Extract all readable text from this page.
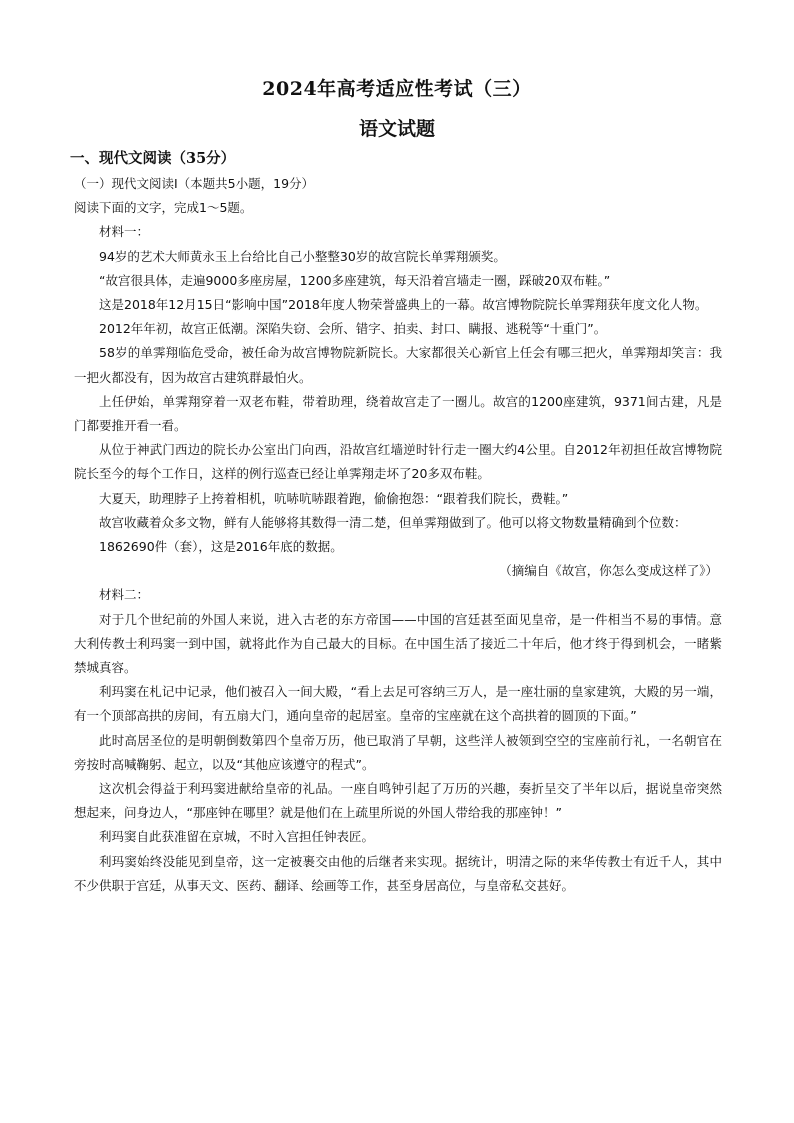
2024年高考适应性考试（三）
语文试题
一、现代文阅读（35分）

（一）现代文阅读Ⅰ（本题共5小题，19分）

阅读下面的文字，完成1～5题。

材料一：

94岁的艺术大师黄永玉上台给比自己小整整30岁的故宫院长单霁翔颁奖。

“故宫很具体，走遍9000多座房屋，1200多座建筑，每天沿着宫墙走一圈，踩破20双布鞋。”

这是2018年12月15日“影响中国”2018年度人物荣誉盛典上的一幕。故宫博物院院长单霁翔获年度文化人物。

2012年年初，故宫正低潮。深陷失窃、会所、错字、拍卖、封口、瞒报、逃税等“十重门”。

58岁的单霁翔临危受命，被任命为故宫博物院新院长。大家都很关心新官上任会有哪三把火，单霁翔却笑言：我一把火都没有，因为故宫古建筑群最怕火。

上任伊始，单霁翔穿着一双老布鞋，带着助理，绕着故宫走了一圈儿。故宫的1200座建筑，9371间古建，凡是门都要推开看一看。

从位于神武门西边的院长办公室出门向西，沿故宫红墙逆时针行走一圈大约4公里。自2012年初担任故宫博物院院长至今的每个工作日，这样的例行巡查已经让单霁翔走坏了20多双布鞋。

大夏天，助理脖子上挎着相机，吭哧吭哧跟着跑，偷偷抱怨：“跟着我们院长，费鞋。”

故宫收藏着众多文物，鲜有人能够将其数得一清二楚，但单霁翔做到了。他可以将文物数量精确到个位数：

1862690件（套），这是2016年底的数据。

（摘编自《故宫，你怎么变成这样了》）

材料二：

对于几个世纪前的外国人来说，进入古老的东方帝国——中国的宫廷甚至面见皇帝，是一件相当不易的事情。意大利传教士利玛窦一到中国，就将此作为自己最大的目标。在中国生活了接近二十年后，他才终于得到机会，一睹紫禁城真容。

利玛窦在札记中记录，他们被召入一间大殿，“看上去足可容纳三万人，是一座壮丽的皇家建筑，大殿的另一端，有一个顶部高拱的房间，有五扇大门，通向皇帝的起居室。皇帝的宝座就在这个高拱着的圆顶的下面。”

此时高居圣位的是明朝倒数第四个皇帝万历，他已取消了早朝，这些洋人被领到空空的宝座前行礼，一名朝官在旁按时高喊鞠躬、起立，以及“其他应该遵守的程式”。

这次机会得益于利玛窦进献给皇帝的礼品。一座自鸣钟引起了万历的兴趣，奏折呈交了半年以后，据说皇帝突然想起来，问身边人，“那座钟在哪里？就是他们在上疏里所说的外国人带给我的那座钟！”

利玛窦自此获准留在京城，不时入宫担任钟表匠。

利玛窦始终没能见到皇帝，这一定被裹交由他的后继者来实现。据统计，明清之际的来华传教士有近千人，其中不少供职于宫廷，从事天文、医药、翻译、绘画等工作，甚至身居高位，与皇帝私交甚好。
